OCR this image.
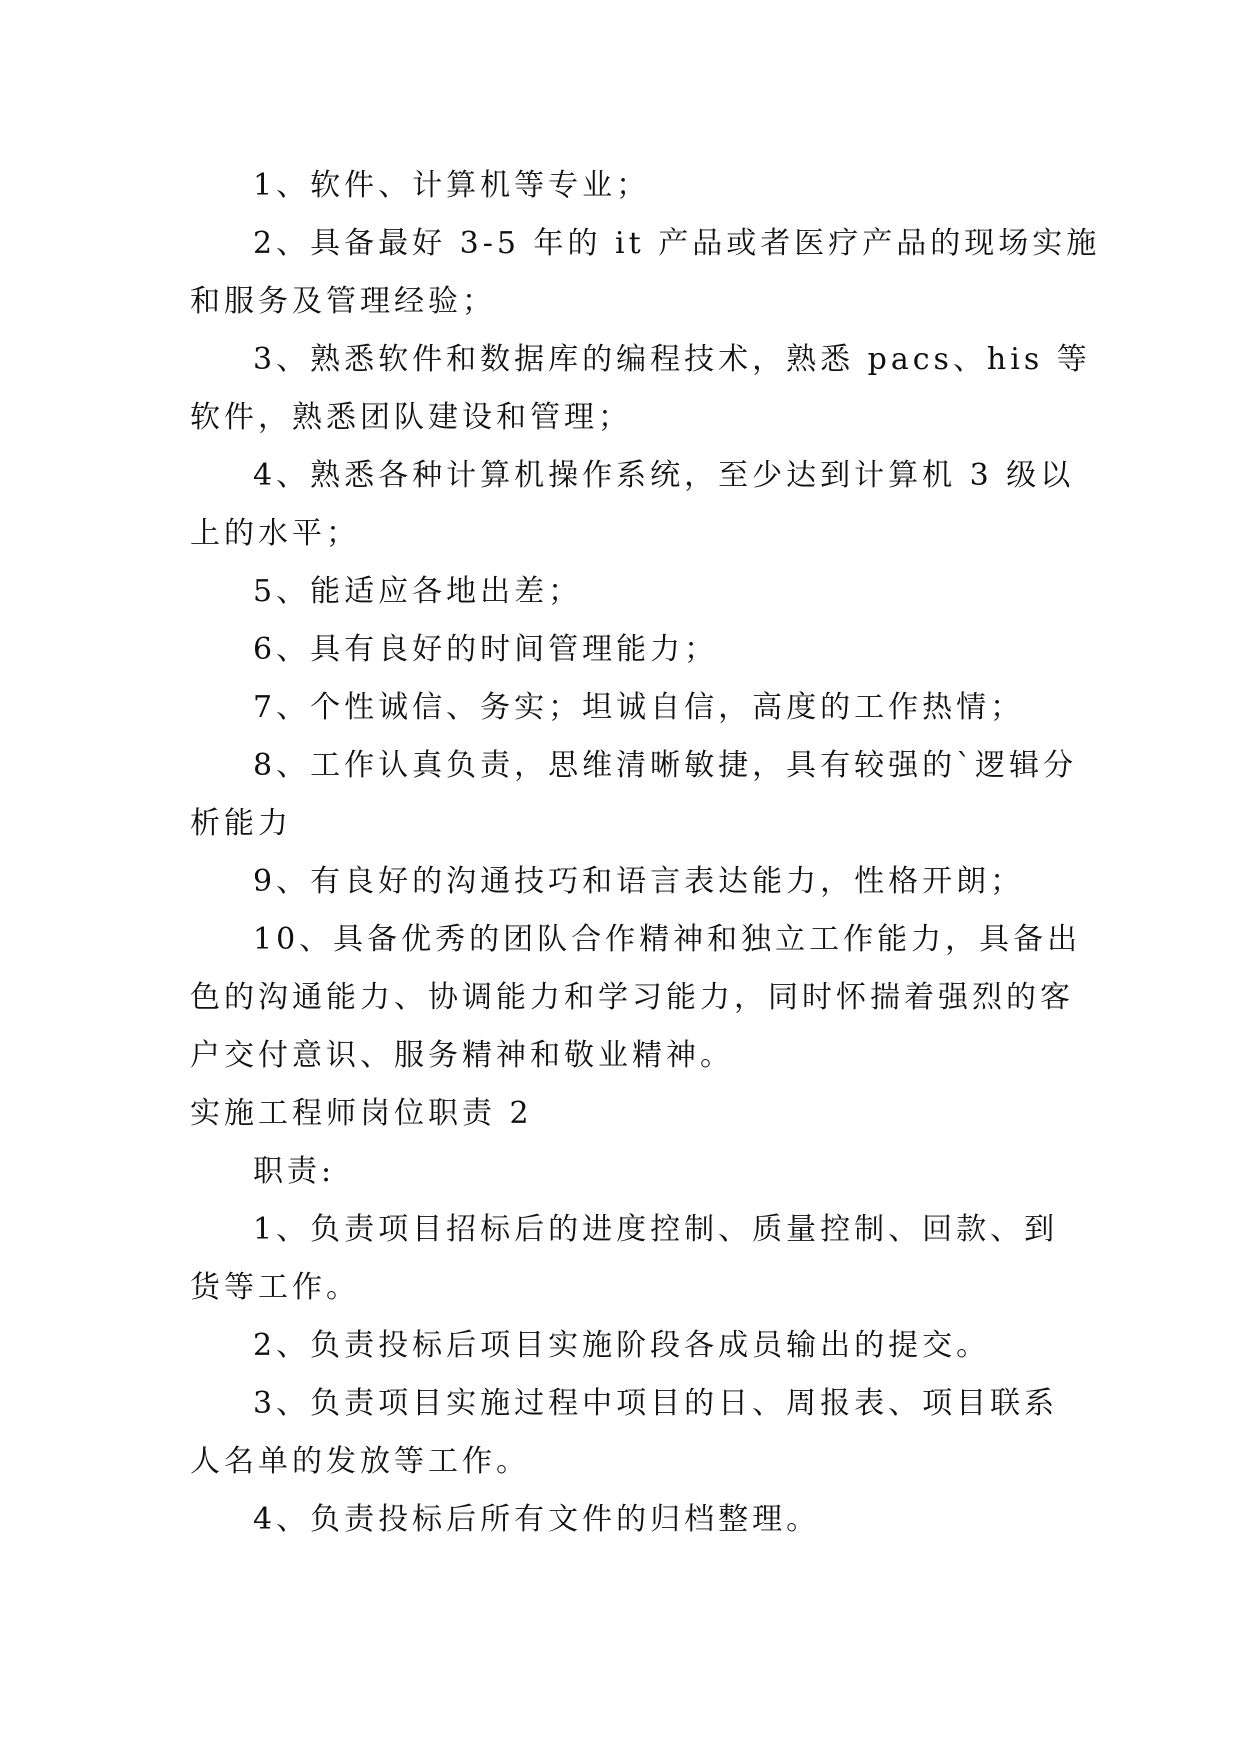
1、软件、计算机等专业；
2、具备最好 3-5 年的 it 产品或者医疗产品的现场实施
和服务及管理经验；
3、熟悉软件和数据库的编程技术，熟悉 pacs、his 等
软件，熟悉团队建设和管理；
4、熟悉各种计算机操作系统，至少达到计算机 3 级以
上的水平；
5、能适应各地出差；
6、具有良好的时间管理能力；
7、个性诚信、务实；坦诚自信，高度的工作热情；
8、工作认真负责，思维清晰敏捷，具有较强的`逻辑分
析能力
9、有良好的沟通技巧和语言表达能力，性格开朗；
10、具备优秀的团队合作精神和独立工作能力，具备出
色的沟通能力、协调能力和学习能力，同时怀揣着强烈的客
户交付意识、服务精神和敬业精神。
实施工程师岗位职责 2
职责:
1、负责项目招标后的进度控制、质量控制、回款、到
货等工作。
2、负责投标后项目实施阶段各成员输出的提交。
3、负责项目实施过程中项目的日、周报表、项目联系
人名单的发放等工作。
4、负责投标后所有文件的归档整理。
